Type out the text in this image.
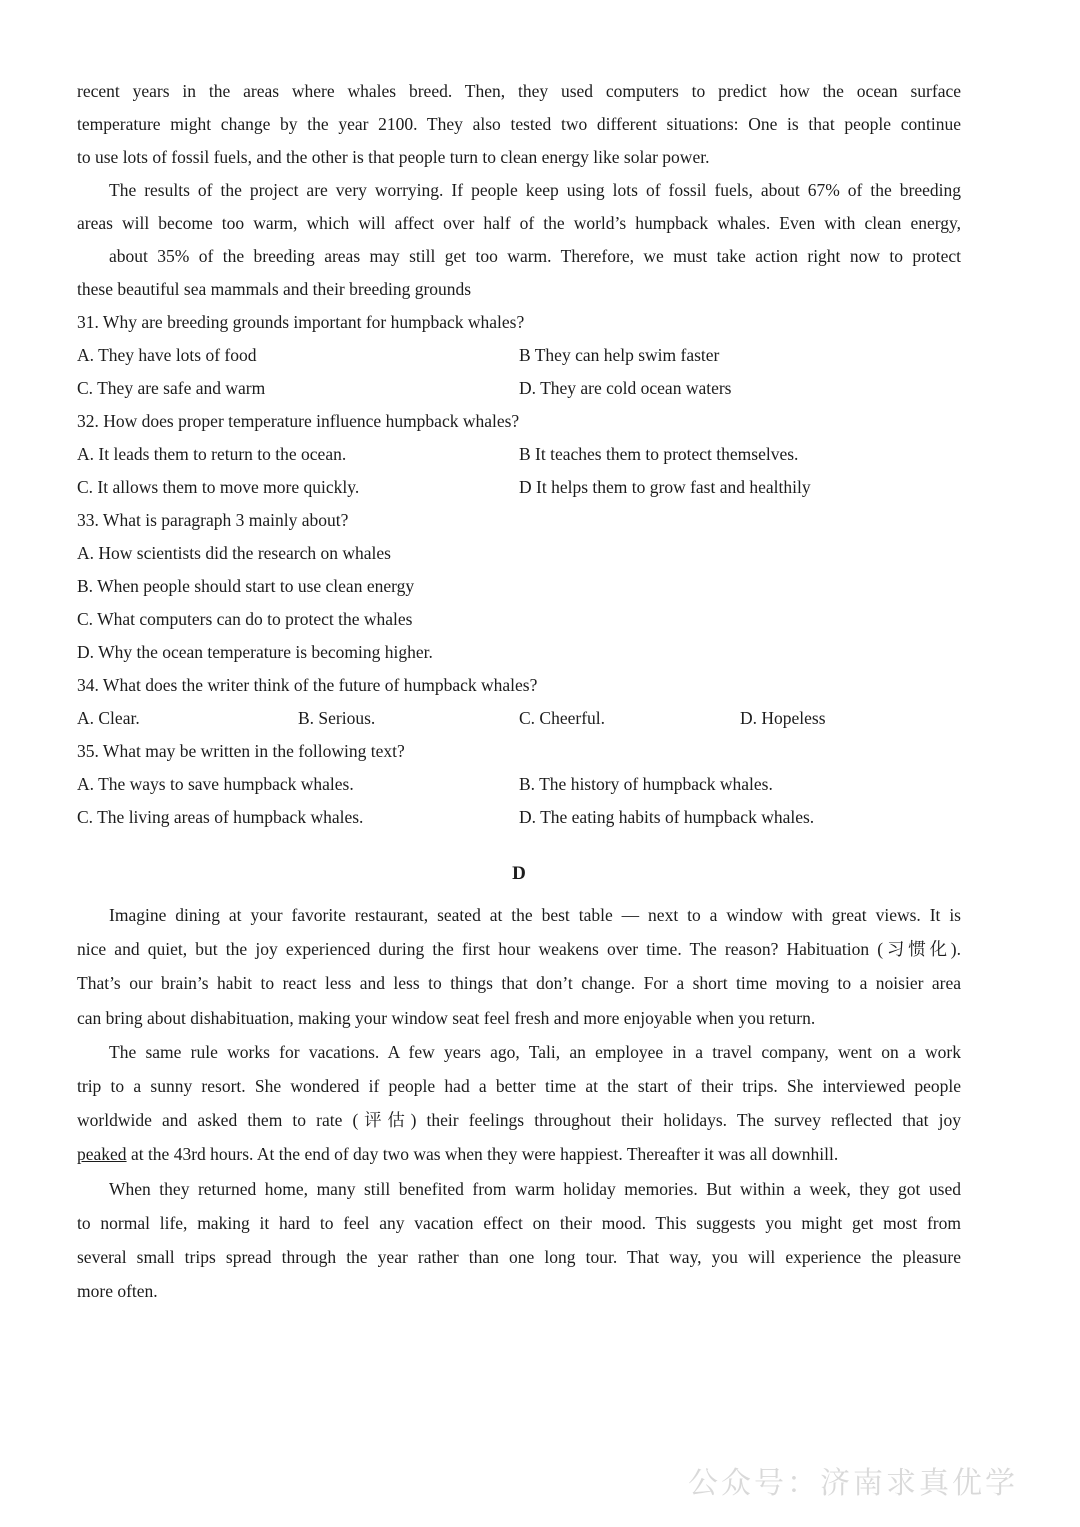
recent years in the areas where whales breed. Then, they used computers to predict how the ocean surface
temperature might change by the year 2100. They also tested two different situations: One is that people continue
to use lots of fossil fuels, and the other is that people turn to clean energy like solar power.
The results of the project are very worrying. If people keep using lots of fossil fuels, about 67% of the breeding
areas will become too warm, which will affect over half of the world’s humpback whales. Even with clean energy,
about 35% of the breeding areas may still get too warm. Therefore, we must take action right now to protect
these beautiful sea mammals and their breeding grounds
31. Why are breeding grounds important for humpback whales?
A. They have lots of food	B They can help swim faster
C. They are safe and warm	D. They are cold ocean waters
32. How does proper temperature influence humpback whales?
A. It leads them to return to the ocean.	B It teaches them to protect themselves.
C. It allows them to move more quickly.	D It helps them to grow fast and healthily
33. What is paragraph 3 mainly about?
A. How scientists did the research on whales
B. When people should start to use clean energy
C. What computers can do to protect the whales
D. Why the ocean temperature is becoming higher.
34. What does the writer think of the future of humpback whales?
A. Clear.	B. Serious.	C. Cheerful.	D. Hopeless
35. What may be written in the following text?
A. The ways to save humpback whales.	B. The history of humpback whales.
C. The living areas of humpback whales.	D. The eating habits of humpback whales.
D
Imagine dining at your favorite restaurant, seated at the best table — next to a window with great views. It is
nice and quiet, but the joy experienced during the first hour weakens over time. The reason? Habituation (习惯化).
That’s our brain’s habit to react less and less to things that don’t change. For a short time moving to a noisier area
can bring about dishabituation, making your window seat feel fresh and more enjoyable when you return.
The same rule works for vacations. A few years ago, Tali, an employee in a travel company, went on a work
trip to a sunny resort. She wondered if people had a better time at the start of their trips. She interviewed people
worldwide and asked them to rate (评估) their feelings throughout their holidays. The survey reflected that joy
peaked at the 43rd hours. At the end of day two was when they were happiest. Thereafter it was all downhill.
When they returned home, many still benefited from warm holiday memories. But within a week, they got used
to normal life, making it hard to feel any vacation effect on their mood. This suggests you might get most from
several small trips spread through the year rather than one long tour. That way, you will experience the pleasure
more often.
公众号：济南求真优学
